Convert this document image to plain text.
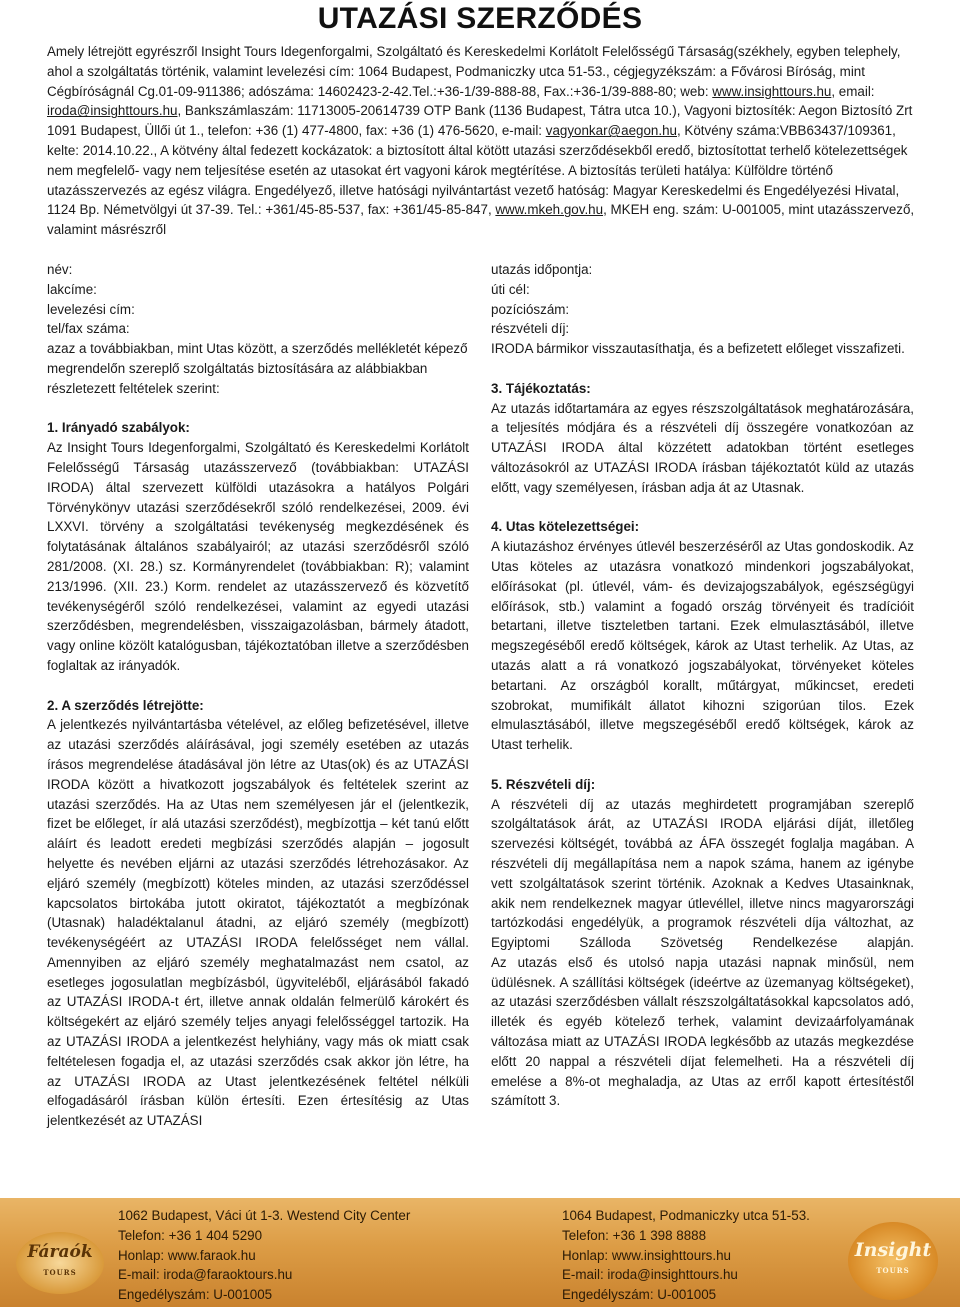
UTAZÁSI SZERZŐDÉS
Amely létrejött egyrészről Insight Tours Idegenforgalmi, Szolgáltató és Kereskedelmi Korlátolt Felelősségű Társaság(székhely, egyben telephely, ahol a szolgáltatás történik, valamint levelezési cím: 1064 Budapest, Podmaniczky utca 51-53., cégjegyzékszám: a Fővárosi Bíróság, mint Cégbíróságnál Cg.01-09-911386; adószáma: 14602423-2-42.Tel.:+36-1/39-888-88, Fax.:+36-1/39-888-80; web: www.insighttours.hu, email: iroda@insighttours.hu, Bankszámlaszám: 11713005-20614739 OTP Bank (1136 Budapest, Tátra utca 10.), Vagyoni biztosíték: Aegon Biztosító Zrt 1091 Budapest, Üllői út 1., telefon: +36 (1) 477-4800, fax: +36 (1) 476-5620, e-mail: vagyonkar@aegon.hu, Kötvény száma:VBB63437/109361, kelte: 2014.10.22., A kötvény által fedezett kockázatok: a biztosított által kötött utazási szerződésekből eredő, biztosítottat terhelő kötelezettségek nem megfelelő- vagy nem teljesítése esetén az utasokat ért vagyoni károk megtérítése. A biztosítás területi hatálya: Külföldre történő utazásszervezés az egész világra. Engedélyező, illetve hatósági nyilvántartást vezető hatóság: Magyar Kereskedelmi és Engedélyezési Hivatal, 1124 Bp. Németvölgyi út 37-39. Tel.: +361/45-85-537, fax: +361/45-85-847, www.mkeh.gov.hu, MKEH eng. szám: U-001005, mint utazásszervező, valamint másrészről
név:
lakcíme:
levelezési cím:
tel/fax száma:

azaz a továbbiakban, mint Utas között, a szerződés mellékletét képező megrendelőn szereplő szolgáltatás biztosítására az alábbiakban részletezett feltételek szerint:

1. Irányadó szabályok:

Az Insight Tours Idegenforgalmi, Szolgáltató és Kereskedelmi Korlátolt Felelősségű Társaság utazásszervező (továbbiakban: UTAZÁSI IRODA) által szervezett külföldi utazásokra a hatályos Polgári Törvénykönyv utazási szerződésekről szóló rendelkezései, 2009. évi LXXVI. törvény a szolgáltatási tevékenység megkezdésének és folytatásának általános szabályairól; az utazási szerződésről szóló 281/2008. (XI. 28.) sz. Kormányrendelet (továbbiakban: R); valamint 213/1996. (XII. 23.) Korm. rendelet az utazásszervező és közvetítő tevékenységéről szóló rendelkezései, valamint az egyedi utazási szerződésben, megrendelésben, visszaigazolásban, bármely átadott, vagy online közölt katalógusban, tájékoztatóban illetve a szerződésben foglaltak az irányadók.

2. A szerződés létrejötte:

A jelentkezés nyilvántartásba vételével, az előleg befizetésével, illetve az utazási szerződés aláírásával, jogi személy esetében az utazás írásos megrendelése átadásával jön létre az Utas(ok) és az UTAZÁSI IRODA között a hivatkozott jogszabályok és feltételek szerint az utazási szerződés. Ha az Utas nem személyesen jár el (jelentkezik, fizet be előleget, ír alá utazási szerződést), megbízottja – két tanú előtt aláírt és leadott eredeti megbízási szerződés alapján – jogosult helyette és nevében eljárni az utazási szerződés létrehozásakor. Az eljáró személy (megbízott) köteles minden, az utazási szerződéssel kapcsolatos birtokába jutott okiratot, tájékoztatót a megbízónak (Utasnak) haladéktalanul átadni, az eljáró személy (megbízott) tevékenységéért az UTAZÁSI IRODA felelősséget nem vállal. Amennyiben az eljáró személy meghatalmazást nem csatol, az esetleges jogosulatlan megbízásból, ügyviteléből, eljárásából fakadó az UTAZÁSI IRODA-t ért, illetve annak oldalán felmerülő károkért és költségekért az eljáró személy teljes anyagi felelősséggel tartozik. Ha az UTAZÁSI IRODA a jelentkezést helyhiány, vagy más ok miatt csak feltételesen fogadja el, az utazási szerződés csak akkor jön létre, ha az UTAZÁSI IRODA az Utast jelentkezésének feltétel nélküli elfogadásáról írásban külön értesíti. Ezen értesítésig az Utas jelentkezését az UTAZÁSI

utazás időpontja:
úti cél:
pozíciószám:
részvételi díj:

IRODA bármikor visszautasíthatja, és a befizetett előleget visszafizeti.

3. Tájékoztatás:

Az utazás időtartamára az egyes részszolgáltatások meghatározására, a teljesítés módjára és a részvételi díj összegére vonatkozóan az UTAZÁSI IRODA által közzétett adatokban történt esetleges változásokról az UTAZÁSI IRODA írásban tájékoztatót küld az utazás előtt, vagy személyesen, írásban adja át az Utasnak.

4. Utas kötelezettségei:

A kiutazáshoz érvényes útlevél beszerzéséről az Utas gondoskodik. Az Utas köteles az utazásra vonatkozó mindenkori jogszabályokat, előírásokat (pl. útlevél, vám- és devizajogszabályok, egészségügyi előírások, stb.) valamint a fogadó ország törvényeit és tradícióit betartani, illetve tiszteletben tartani. Ezek elmulasztásából, illetve megszegéséből eredő költségek, károk az Utast terhelik. Az Utas, az utazás alatt a rá vonatkozó jogszabályokat, törvényeket köteles betartani. Az országból korallt, műtárgyat, műkincset, eredeti szobrokat, mumifikált állatot kihozni szigorúan tilos. Ezek elmulasztásából, illetve megszegéséből eredő költségek, károk az Utast terhelik.

5. Részvételi díj:

A részvételi díj az utazás meghirdetett programjában szereplő szolgáltatások árát, az UTAZÁSI IRODA eljárási díját, illetőleg szervezési költségét, továbbá az ÁFA összegét foglalja magában. A részvételi díj megállapítása nem a napok száma, hanem az igénybe vett szolgáltatások szerint történik. Azoknak a Kedves Utasainknak, akik nem rendelkeznek magyar útlevéllel, illetve nincs magyarországi tartózkodási engedélyük, a programok részvételi díja változhat, az Egyiptomi Szálloda Szövetség Rendelkezése alapján.

Az utazás első és utolsó napja utazási napnak minősül, nem üdülésnek. A szállítási költségek (ideértve az üzemanyag költségeket), az utazási szerződésben vállalt részszolgáltatásokkal kapcsolatos adó, illeték és egyéb kötelező terhek, valamint devizaárfolyamának változása miatt az UTAZÁSI IRODA legkésőbb az utazás megkezdése előtt 20 nappal a részvételi díjat felemelheti. Ha a részvételi díj emelése a 8%-ot meghaladja, az Utas az erről kapott értesítéstől számított 3.

Fáraók
TOURS
1062 Budapest, Váci út 1-3. Westend City Center
Telefon: +36 1 404 5290
Honlap: www.faraok.hu
E-mail: iroda@faraoktours.hu
Engedélyszám: U-001005
1064 Budapest, Podmaniczky utca 51-53.
Telefon: +36 1 398 8888
Honlap: www.insighttours.hu
E-mail: iroda@insighttours.hu
Engedélyszám: U-001005
Insight
TOURS
